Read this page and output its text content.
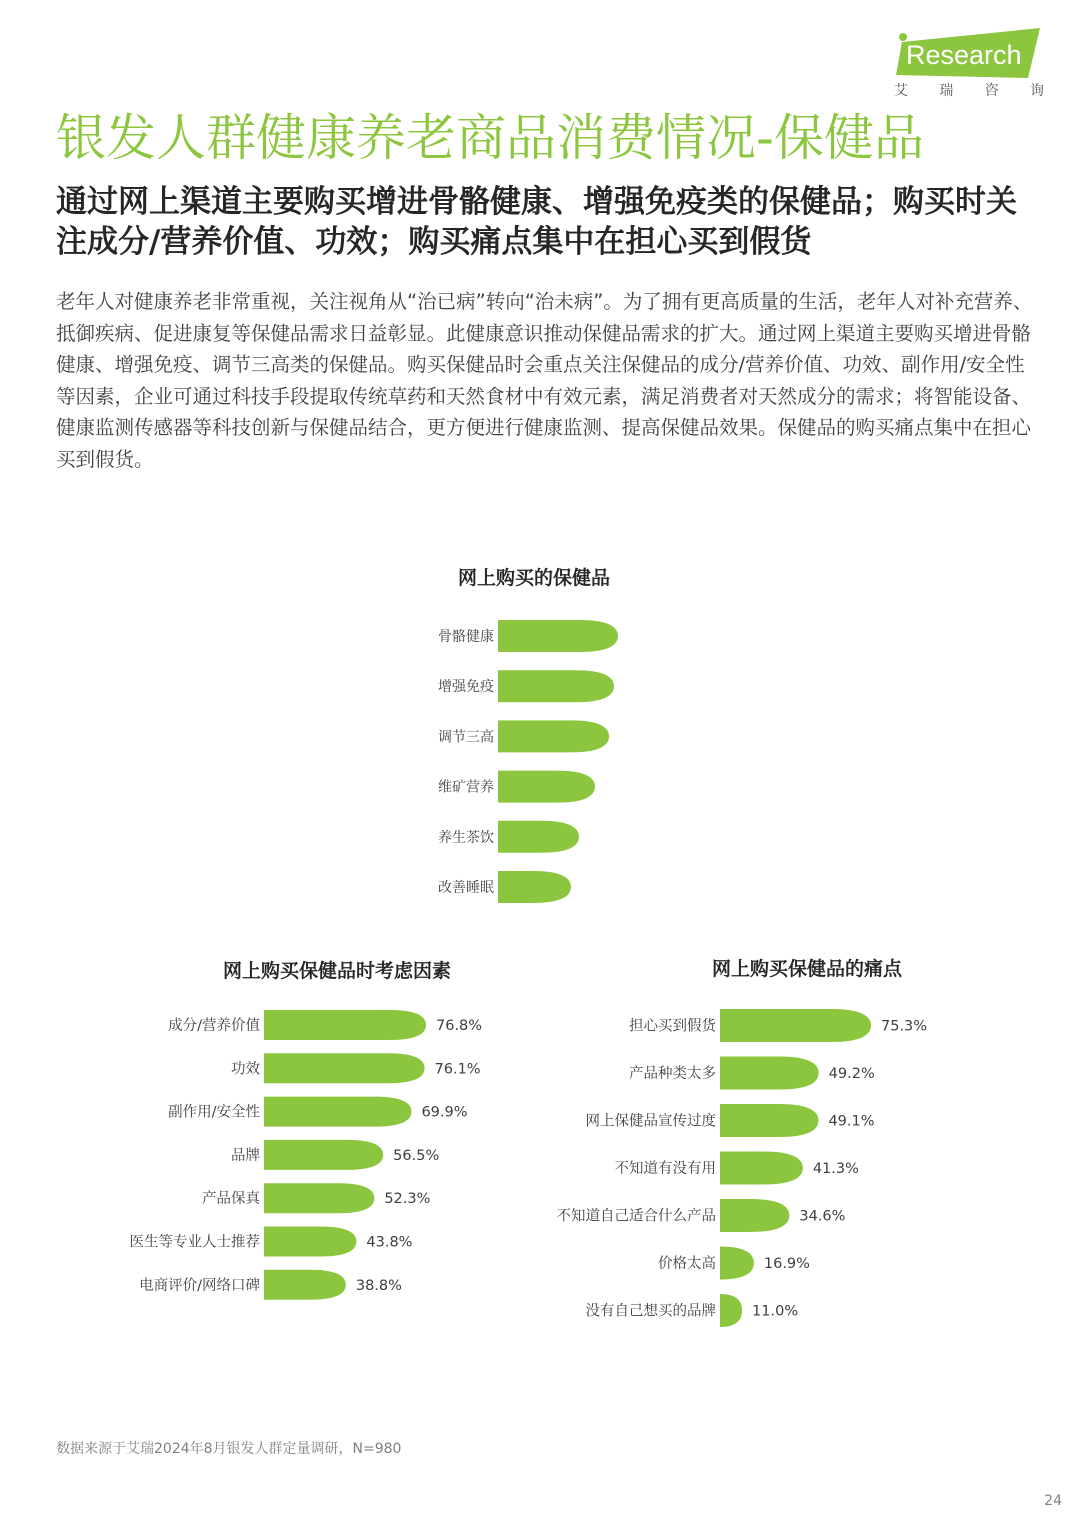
Research
艾 瑞 咨 询
银发人群健康养老商品消费情况-保健品
通过网上渠道主要购买增进骨骼健康、增强免疫类的保健品；购买时关注成分/营养价值、功效；购买痛点集中在担心买到假货

老年人对健康养老非常重视，关注视角从“治已病”转向“治未病”。为了拥有更高质量的生活，老年人对补充营养、抵御疾病、促进康复等保健品需求日益彰显。此健康意识推动保健品需求的扩大。通过网上渠道主要购买增进骨骼健康、增强免疫、调节三高类的保健品。购买保健品时会重点关注保健品的成分/营养价值、功效、副作用/安全性等因素，企业可通过科技手段提取传统草药和天然食材中有效元素，满足消费者对天然成分的需求；将智能设备、健康监测传感器等科技创新与保健品结合，更方便进行健康监测、提高保健品效果。保健品的购买痛点集中在担心买到假货。

网上购买的保健品
网上购买保健品时考虑因素	网上购买保健品的痛点
骨骼健康
增强免疫
调节三高
维矿营养
养生茶饮
改善睡眠
成分/营养价值	76.8%
功效	76.1%
副作用/安全性	69.9%
品牌	56.5%
产品保真	52.3%
医生等专业人士推荐	43.8%
电商评价/网络口碑	38.8%
担心买到假货	75.3%
产品种类太多	49.2%
网上保健品宣传过度	49.1%
不知道有没有用	41.3%
不知道自己适合什么产品	34.6%
价格太高	16.9%
没有自己想买的品牌 11.0%
数据来源于艾瑞2024年8月银发人群定量调研，N=980
24
